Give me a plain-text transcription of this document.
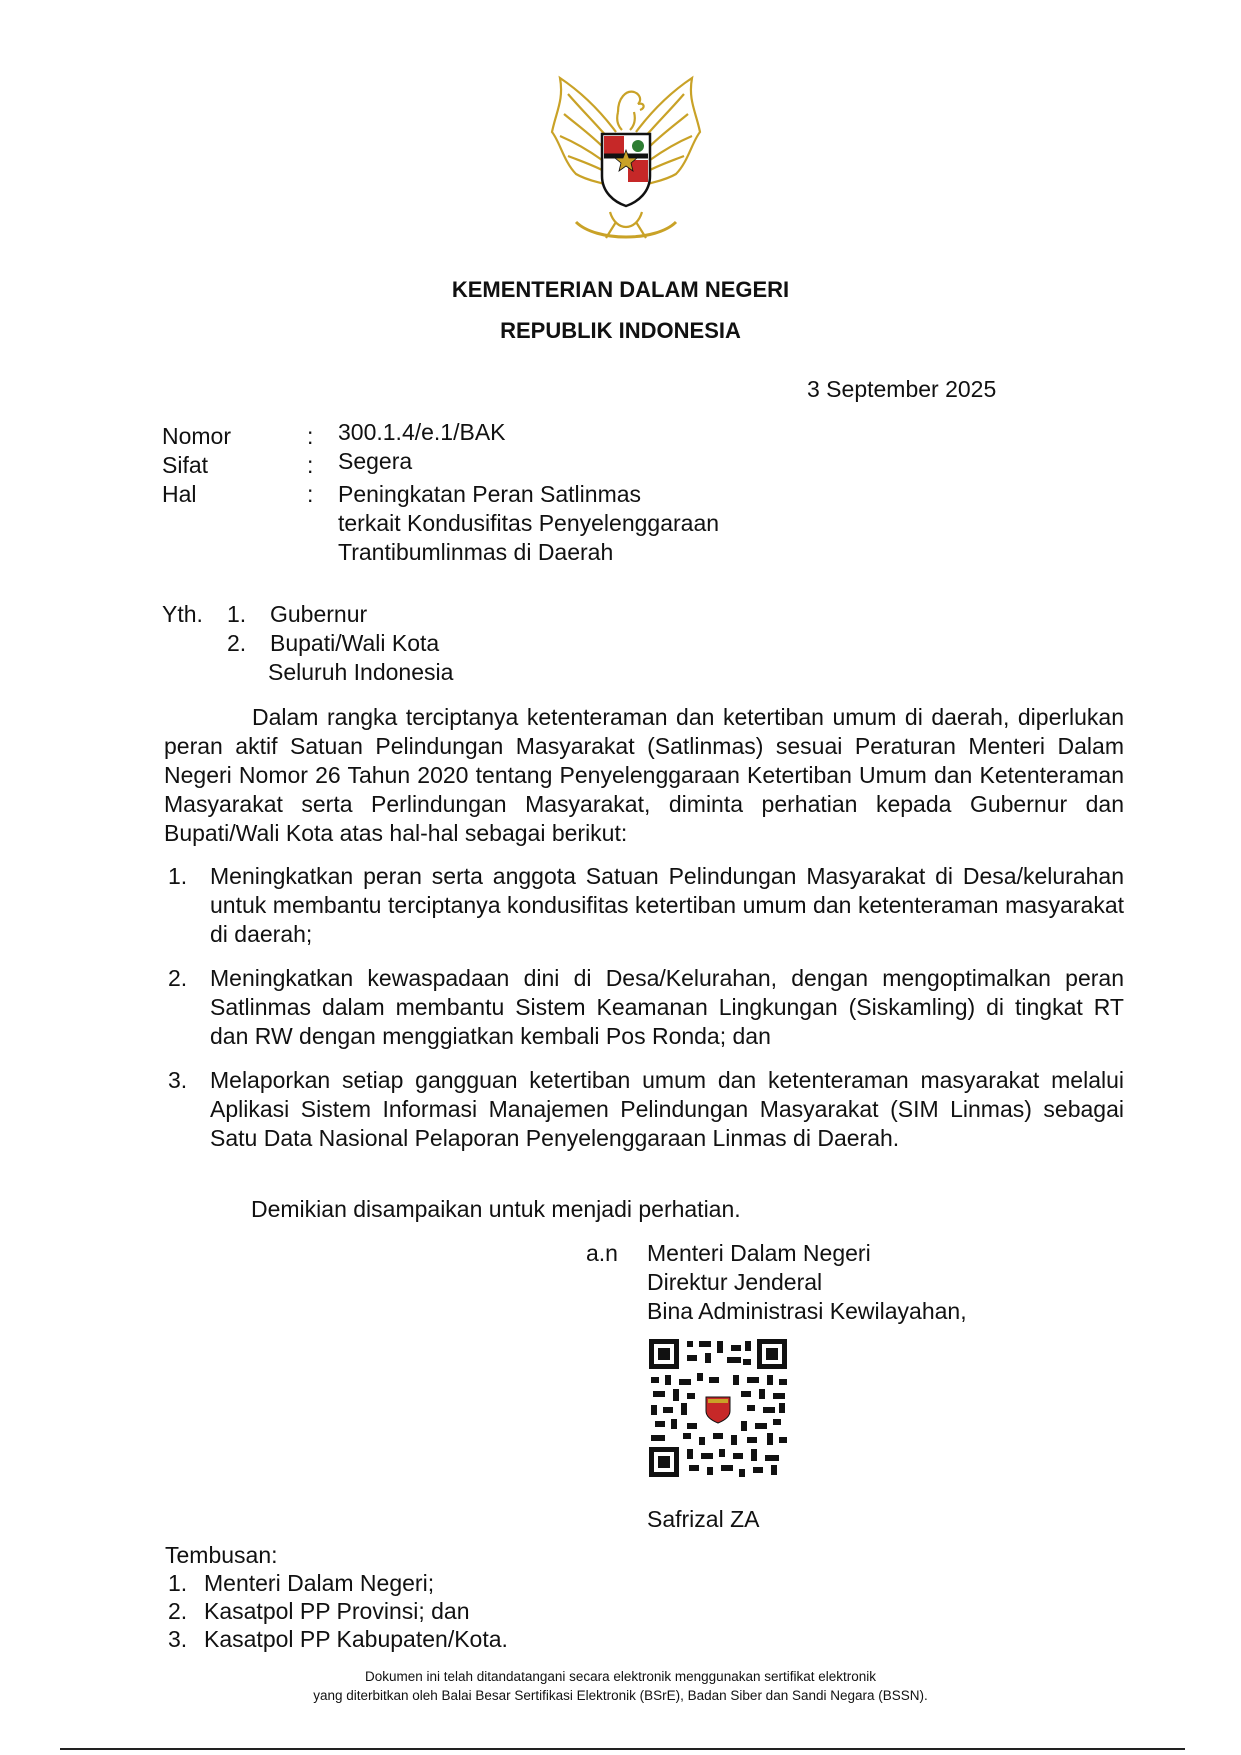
KEMENTERIAN DALAM NEGERI
REPUBLIK INDONESIA
3 September 2025
Nomor	: 300.1.4/e.1/BAK
Sifat	: Segera
Hal	: Peningkatan Peran Satlinmas
terkait Kondusifitas Penyelenggaraan
Trantibumlinmas di Daerah
Yth. 1. Gubernur
2. Bupati/Wali Kota
Seluruh Indonesia
Dalam rangka terciptanya ketenteraman dan ketertiban umum di daerah, diperlukan peran aktif Satuan Pelindungan Masyarakat (Satlinmas) sesuai Peraturan Menteri Dalam Negeri Nomor 26 Tahun 2020 tentang Penyelenggaraan Ketertiban Umum dan Ketenteraman Masyarakat serta Perlindungan Masyarakat, diminta perhatian kepada Gubernur dan Bupati/Wali Kota atas hal-hal sebagai berikut:
1. Meningkatkan peran serta anggota Satuan Pelindungan Masyarakat di Desa/kelurahan untuk membantu terciptanya kondusifitas ketertiban umum dan ketenteraman masyarakat di daerah;
2. Meningkatkan kewaspadaan dini di Desa/Kelurahan, dengan mengoptimalkan peran Satlinmas dalam membantu Sistem Keamanan Lingkungan (Siskamling) di tingkat RT dan RW dengan menggiatkan kembali Pos Ronda; dan
3. Melaporkan setiap gangguan ketertiban umum dan ketenteraman masyarakat melalui Aplikasi Sistem Informasi Manajemen Pelindungan Masyarakat (SIM Linmas) sebagai Satu Data Nasional Pelaporan Penyelenggaraan Linmas di Daerah.
Demikian disampaikan untuk menjadi perhatian.
a.n Menteri Dalam Negeri
Direktur Jenderal
Bina Administrasi Kewilayahan,
Safrizal ZA
Tembusan:
1. Menteri Dalam Negeri;
2. Kasatpol PP Provinsi; dan
3. Kasatpol PP Kabupaten/Kota.
Dokumen ini telah ditandatangani secara elektronik menggunakan sertifikat elektronik
yang diterbitkan oleh Balai Besar Sertifikasi Elektronik (BSrE), Badan Siber dan Sandi Negara (BSSN).
